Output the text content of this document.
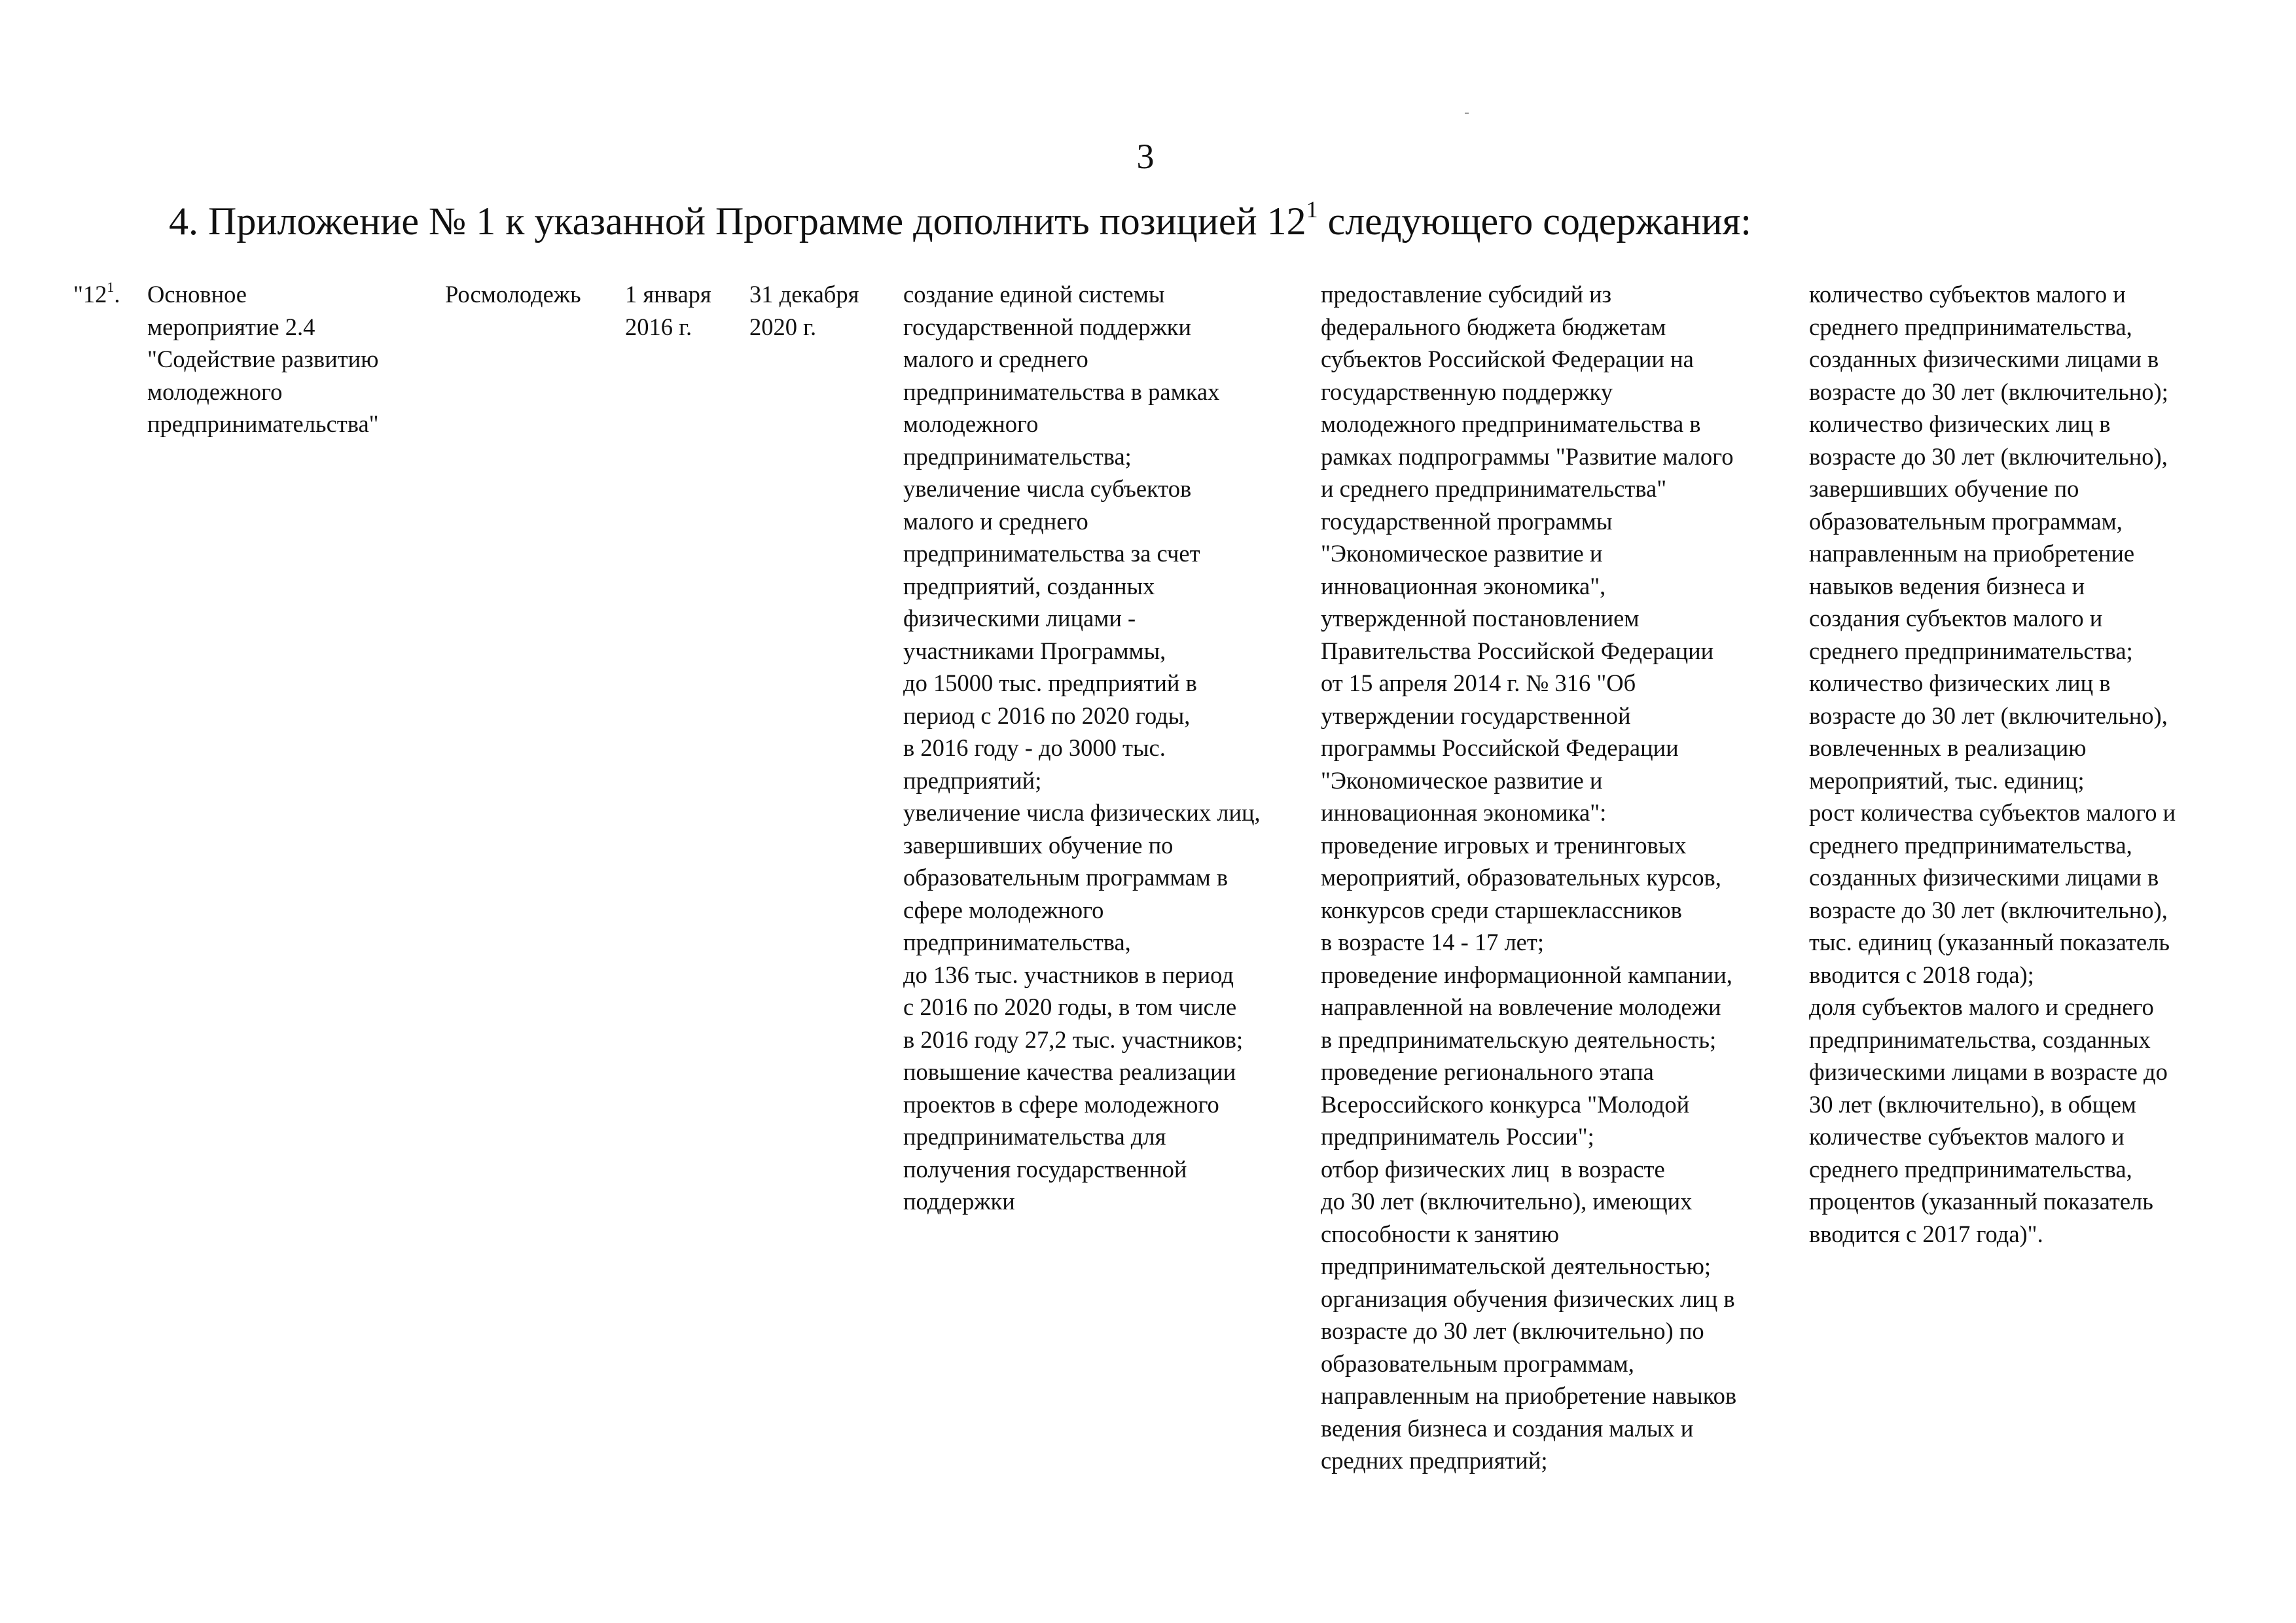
3
4. Приложение № 1 к указанной Программе дополнить позицией $12^1$ следующего содержания:
"$12^1$. Основное
мероприятие 2.4
"Содействие развитию
молодежного
предпринимательства"
Росмолодежь 1 января
2016 г.
31 декабря
2020 г.
создание единой системы
государственной поддержки
малого и среднего
предпринимательства в рамках
молодежного
предпринимательства;
увеличение числа субъектов
малого и среднего
предпринимательства за счет
предприятий, созданных
физическими лицами -
участниками Программы,
до 15000 тыс. предприятий в
период с 2016 по 2020 годы,
в 2016 году - до 3000 тыс.
предприятий;
увеличение числа физических лиц,
завершивших обучение по
образовательным программам в
сфере молодежного
предпринимательства,
до 136 тыс. участников в период
с 2016 по 2020 годы, в том числе
в 2016 году 27,2 тыс. участников;
повышение качества реализации
проектов в сфере молодежного
предпринимательства для
получения государственной
поддержки
предоставление субсидий из
федерального бюджета бюджетам
субъектов Российской Федерации на
государственную поддержку
молодежного предпринимательства в
рамках подпрограммы "Развитие малого
и среднего предпринимательства"
государственной программы
"Экономическое развитие и
инновационная экономика",
утвержденной постановлением
Правительства Российской Федерации
от 15 апреля 2014 г. № 316 "Об
утверждении государственной
программы Российской Федерации
"Экономическое развитие и
инновационная экономика":
проведение игровых и тренинговых
мероприятий, образовательных курсов,
конкурсов среди старшеклассников
в возрасте 14 - 17 лет;
проведение информационной кампании,
направленной на вовлечение молодежи
в предпринимательскую деятельность;
проведение регионального этапа
Всероссийского конкурса "Молодой
предприниматель России";
отбор физических лиц  в возрасте
до 30 лет (включительно), имеющих
способности к занятию
предпринимательской деятельностью;
организация обучения физических лиц в
возрасте до 30 лет (включительно) по
образовательным программам,
направленным на приобретение навыков
ведения бизнеса и создания малых и
средних предприятий;
количество субъектов малого и
среднего предпринимательства,
созданных физическими лицами в
возрасте до 30 лет (включительно);
количество физических лиц в
возрасте до 30 лет (включительно),
завершивших обучение по
образовательным программам,
направленным на приобретение
навыков ведения бизнеса и
создания субъектов малого и
среднего предпринимательства;
количество физических лиц в
возрасте до 30 лет (включительно),
вовлеченных в реализацию
мероприятий, тыс. единиц;
рост количества субъектов малого и
среднего предпринимательства,
созданных физическими лицами в
возрасте до 30 лет (включительно),
тыс. единиц (указанный показатель
вводится с 2018 года);
доля субъектов малого и среднего
предпринимательства, созданных
физическими лицами в возрасте до
30 лет (включительно), в общем
количестве субъектов малого и
среднего предпринимательства,
процентов (указанный показатель
вводится с 2017 года)".
